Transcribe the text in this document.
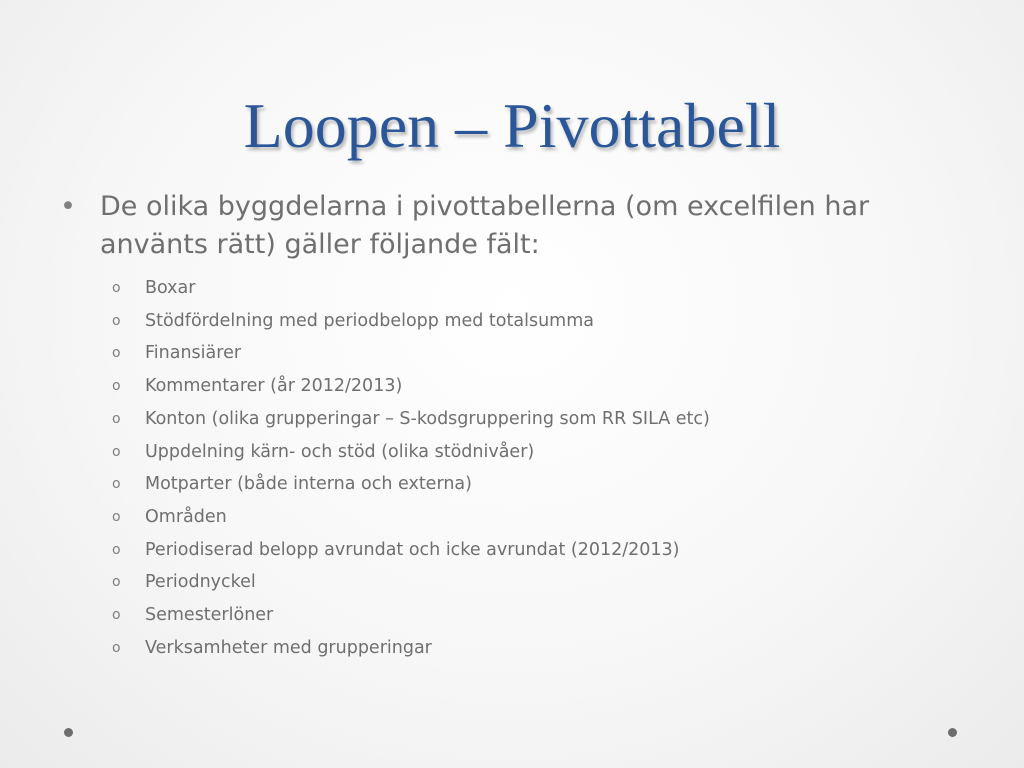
Loopen – Pivottabell
• De olika byggdelarna i pivottabellerna (om excelfilen har använts rätt) gäller följande fält:
o Boxar
o Stödfördelning med periodbelopp med totalsumma
o Finansiärer
o Kommentarer (år 2012/2013)
o Konton (olika grupperingar – S-kodsgruppering som RR SILA etc)
o Uppdelning kärn- och stöd (olika stödnivåer)
o Motparter (både interna och externa)
o Områden
o Periodiserad belopp avrundat och icke avrundat (2012/2013)
o Periodnyckel
o Semesterlöner
o Verksamheter med grupperingar
